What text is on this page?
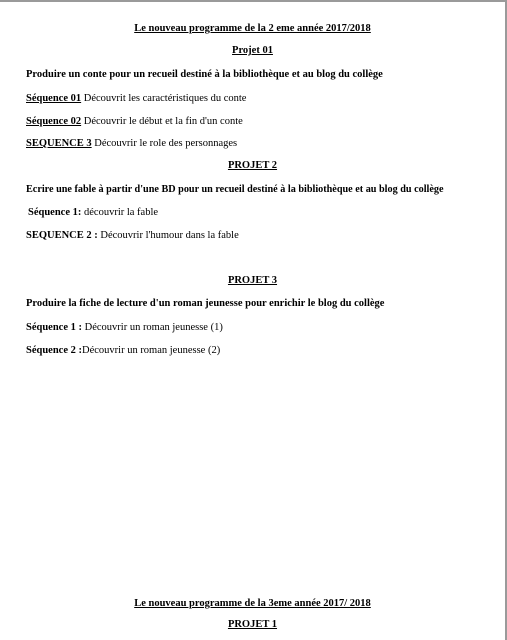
Le nouveau programme de la 2 eme année 2017/2018
Projet 01
Produire un conte pour un recueil destiné à la bibliothèque et au blog du collège
Séquence 01 Découvrit les caractéristiques du conte
Séquence 02 Découvrir le début et la fin d'un conte
SEQUENCE 3 Découvrir le role des personnages
PROJET 2
Ecrire une fable à partir d'une BD pour un recueil destiné à la bibliothèque et au blog du collège
Séquence 1: découvrir la fable
SEQUENCE 2 : Découvrir l'humour dans la fable
PROJET 3
Produire la fiche de lecture d'un roman jeunesse pour enrichir le blog du collège
Séquence 1 : Découvrir un roman jeunesse (1)
Séquence 2 :Découvrir un roman jeunesse (2)
Le nouveau programme de la 3eme année 2017/ 2018
PROJET 1
